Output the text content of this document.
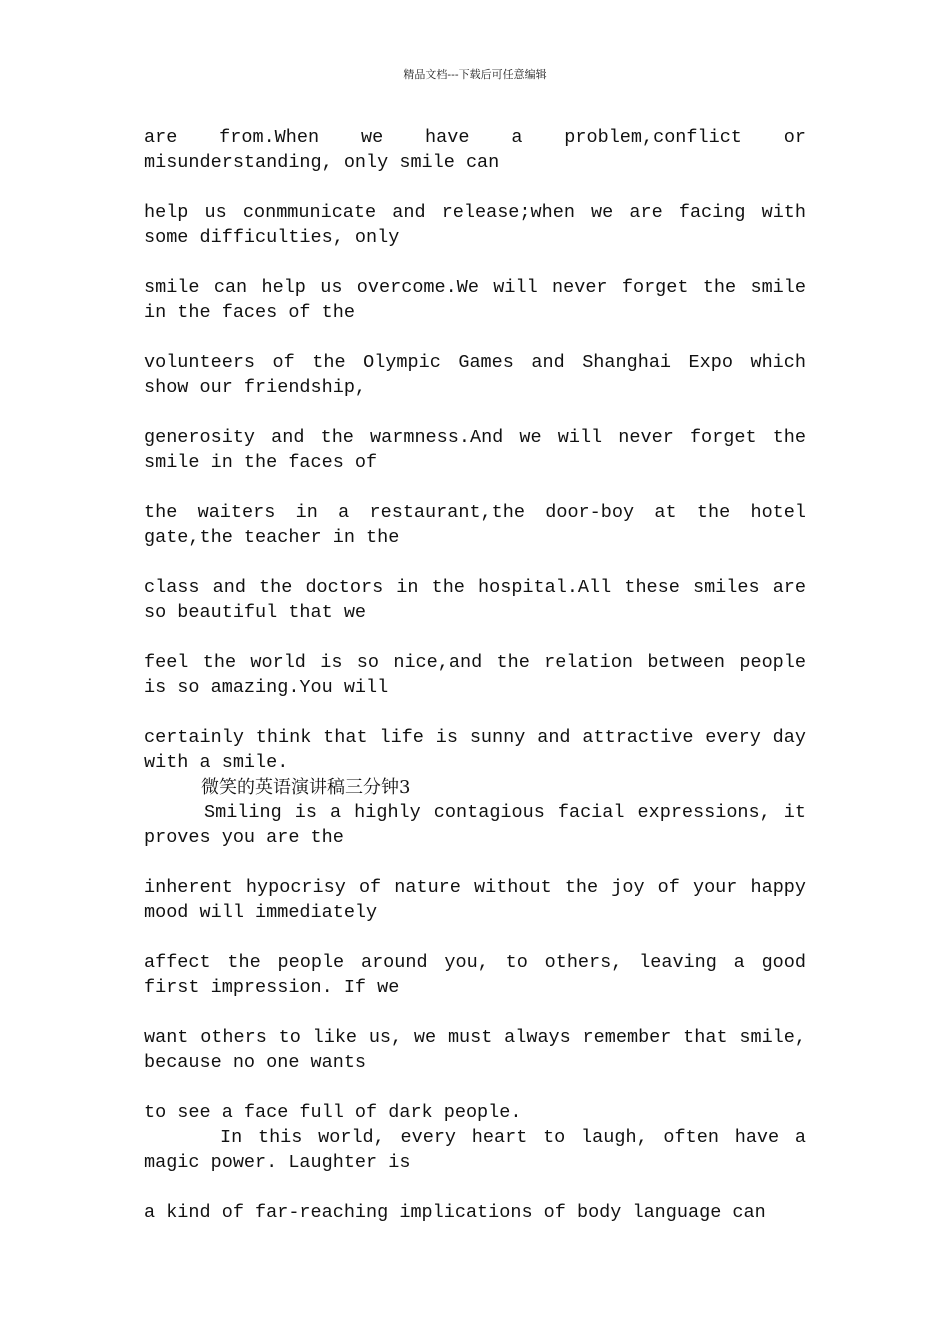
精品文档---下载后可任意编辑

are from.When we have a problem,conflict or misunderstanding, only smile can

help us conmmunicate and release;when we are facing with some difficulties, only

smile can help us overcome.We will never forget the smile in the faces of the

volunteers of the Olympic Games and Shanghai Expo which show our friendship,

generosity and the warmness.And we will never forget the smile in the faces of

the waiters in a restaurant,the door-boy at the hotel gate,the teacher in the

class and the doctors in the hospital.All these smiles are so beautiful that we

feel the world is so nice,and the relation between people is so amazing.You will

certainly think that life is sunny and attractive every day with a smile.

微笑的英语演讲稿三分钟3

Smiling is a highly contagious facial expressions, it proves you are the

inherent hypocrisy of nature without the joy of your happy mood will immediately

affect the people around you, to others, leaving a good first impression. If we

want others to like us, we must always remember that smile, because no one wants

to see a face full of dark people.

In this world, every heart to laugh, often have a magic power. Laughter is

a kind of far-reaching implications of body language can
